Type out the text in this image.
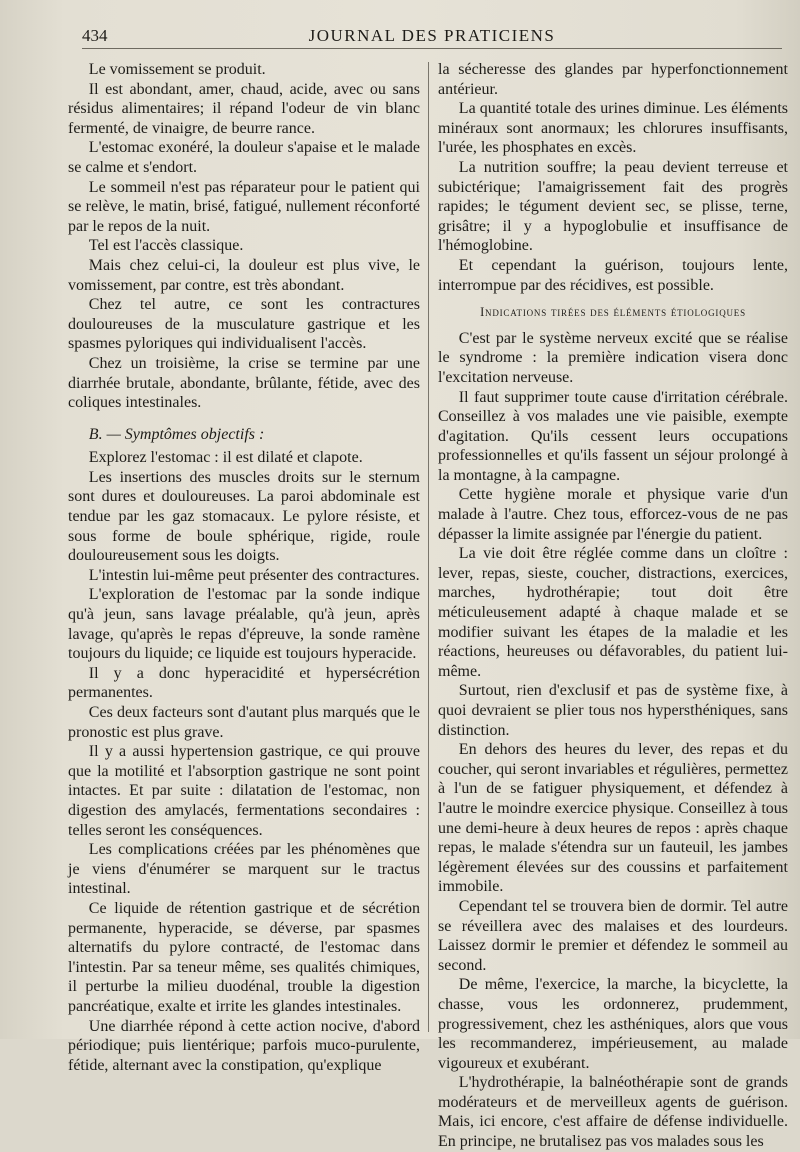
434	JOURNAL DES PRATICIENS

Le vomissement se produit.

Il est abondant, amer, chaud, acide, avec ou sans résidus alimentaires; il répand l'odeur de vin blanc fermenté, de vinaigre, de beurre rance.

L'estomac exonéré, la douleur s'apaise et le malade se calme et s'endort.

Le sommeil n'est pas réparateur pour le patient qui se relève, le matin, brisé, fatigué, nullement réconforté par le repos de la nuit.

Tel est l'accès classique.

Mais chez celui-ci, la douleur est plus vive, le vomissement, par contre, est très abondant.

Chez tel autre, ce sont les contractures douloureuses de la musculature gastrique et les spasmes pyloriques qui individualisent l'accès.

Chez un troisième, la crise se termine par une diarrhée brutale, abondante, brûlante, fétide, avec des coliques intestinales.

B. — Symptômes objectifs :

Explorez l'estomac : il est dilaté et clapote.

Les insertions des muscles droits sur le sternum sont dures et douloureuses. La paroi abdominale est tendue par les gaz stomacaux. Le pylore résiste, et sous forme de boule sphérique, rigide, roule douloureusement sous les doigts.

L'intestin lui-même peut présenter des contractures.

L'exploration de l'estomac par la sonde indique qu'à jeun, sans lavage préalable, qu'à jeun, après lavage, qu'après le repas d'épreuve, la sonde ramène toujours du liquide; ce liquide est toujours hyperacide.

Il y a donc hyperacidité et hypersécrétion permanentes.

Ces deux facteurs sont d'autant plus marqués que le pronostic est plus grave.

Il y a aussi hypertension gastrique, ce qui prouve que la motilité et l'absorption gastrique ne sont point intactes. Et par suite : dilatation de l'estomac, non digestion des amylacés, fermentations secondaires : telles seront les conséquences.

Les complications créées par les phénomènes que je viens d'énumérer se marquent sur le tractus intestinal.

Ce liquide de rétention gastrique et de sécrétion permanente, hyperacide, se déverse, par spasmes alternatifs du pylore contracté, de l'estomac dans l'intestin. Par sa teneur même, ses qualités chimiques, il perturbe la milieu duodénal, trouble la digestion pancréatique, exalte et irrite les glandes intestinales.

Une diarrhée répond à cette action nocive, d'abord périodique; puis lientérique; parfois muco-purulente, fétide, alternant avec la constipation, qu'explique

la sécheresse des glandes par hyperfonctionnement antérieur.

La quantité totale des urines diminue. Les éléments minéraux sont anormaux; les chlorures insuffisants, l'urée, les phosphates en excès.

La nutrition souffre; la peau devient terreuse et subictérique; l'amaigrissement fait des progrès rapides; le tégument devient sec, se plisse, terne, grisâtre; il y a hypoglobulie et insuffisance de l'hémoglobine.

Et cependant la guérison, toujours lente, interrompue par des récidives, est possible.

Indications tirées des éléments étiologiques

C'est par le système nerveux excité que se réalise le syndrome : la première indication visera donc l'excitation nerveuse.

Il faut supprimer toute cause d'irritation cérébrale. Conseillez à vos malades une vie paisible, exempte d'agitation. Qu'ils cessent leurs occupations professionnelles et qu'ils fassent un séjour prolongé à la montagne, à la campagne.

Cette hygiène morale et physique varie d'un malade à l'autre. Chez tous, efforcez-vous de ne pas dépasser la limite assignée par l'énergie du patient.

La vie doit être réglée comme dans un cloître : lever, repas, sieste, coucher, distractions, exercices, marches, hydrothérapie; tout doit être méticuleusement adapté à chaque malade et se modifier suivant les étapes de la maladie et les réactions, heureuses ou défavorables, du patient lui-même.

Surtout, rien d'exclusif et pas de système fixe, à quoi devraient se plier tous nos hypersthéniques, sans distinction.

En dehors des heures du lever, des repas et du coucher, qui seront invariables et régulières, permettez à l'un de se fatiguer physiquement, et défendez à l'autre le moindre exercice physique. Conseillez à tous une demi-heure à deux heures de repos : après chaque repas, le malade s'étendra sur un fauteuil, les jambes légèrement élevées sur des coussins et parfaitement immobile.

Cependant tel se trouvera bien de dormir. Tel autre se réveillera avec des malaises et des lourdeurs. Laissez dormir le premier et défendez le sommeil au second.

De même, l'exercice, la marche, la bicyclette, la chasse, vous les ordonnerez, prudemment, progressivement, chez les asthéniques, alors que vous les recommanderez, impérieusement, au malade vigoureux et exubérant.

L'hydrothérapie, la balnéothérapie sont de grands modérateurs et de merveilleux agents de guérison. Mais, ici encore, c'est affaire de défense individuelle. En principe, ne brutalisez pas vos malades sous les
